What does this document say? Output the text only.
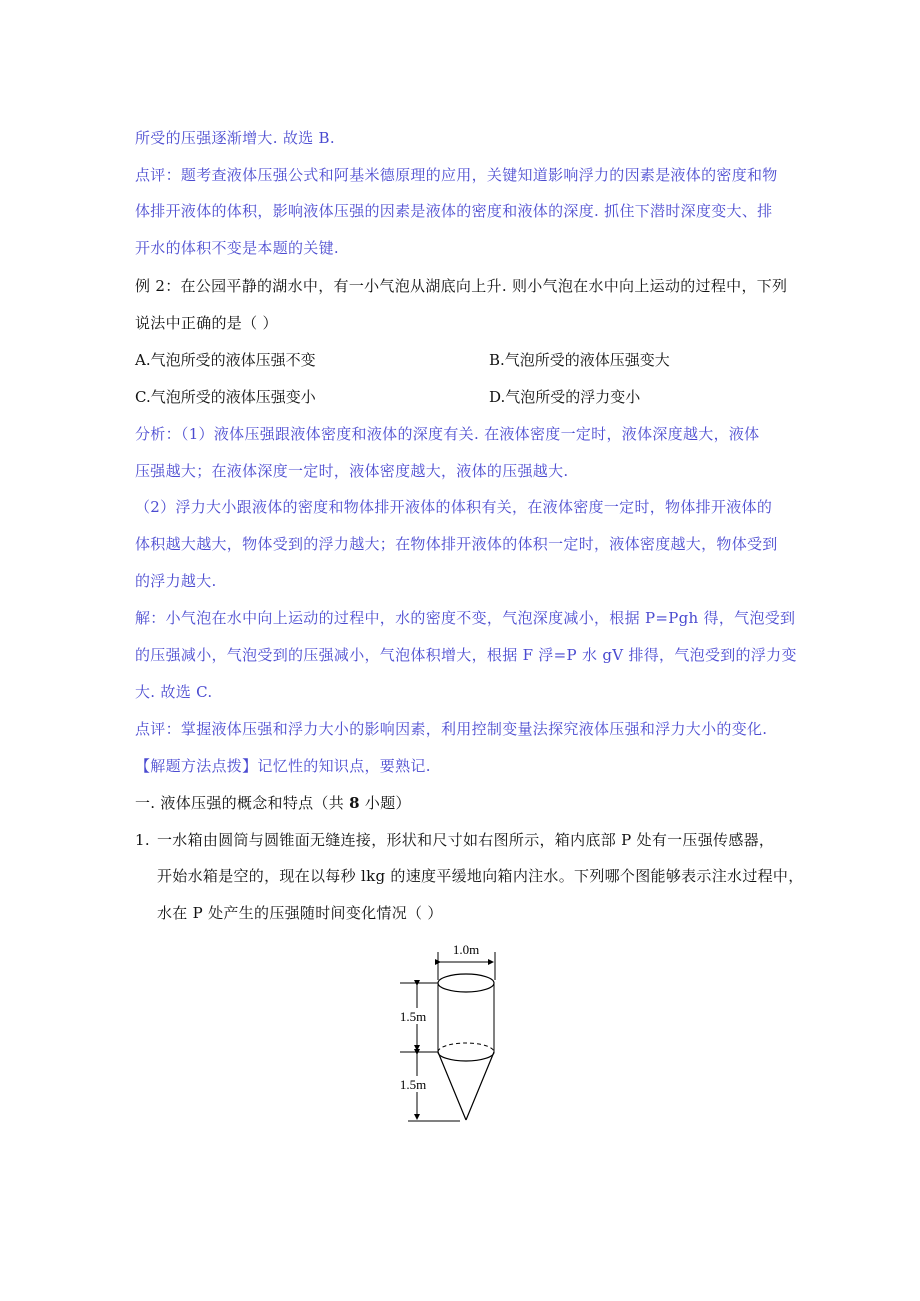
所受的压强逐渐增大. 故选 B.
点评：题考查液体压强公式和阿基米德原理的应用，关键知道影响浮力的因素是液体的密度和物
体排开液体的体积，影响液体压强的因素是液体的密度和液体的深度. 抓住下潜时深度变大、排
开水的体积不变是本题的关键.
例 2：在公园平静的湖水中，有一小气泡从湖底向上升. 则小气泡在水中向上运动的过程中，下列
说法中正确的是（ ）
A.气泡所受的液体压强不变	B.气泡所受的液体压强变大
C.气泡所受的液体压强变小	D.气泡所受的浮力变小
分析：（1）液体压强跟液体密度和液体的深度有关. 在液体密度一定时，液体深度越大，液体
压强越大；在液体深度一定时，液体密度越大，液体的压强越大.
（2）浮力大小跟液体的密度和物体排开液体的体积有关，在液体密度一定时，物体排开液体的
体积越大越大，物体受到的浮力越大；在物体排开液体的体积一定时，液体密度越大，物体受到
的浮力越大.
解：小气泡在水中向上运动的过程中，水的密度不变，气泡深度减小，根据 P=Pgh 得，气泡受到
的压强减小，气泡受到的压强减小，气泡体积增大，根据 F 浮=P 水 gV 排得，气泡受到的浮力变
大. 故选 C.
点评：掌握液体压强和浮力大小的影响因素，利用控制变量法探究液体压强和浮力大小的变化.
【解题方法点拨】记忆性的知识点，要熟记.
一. 液体压强的概念和特点（共 8 小题）
1. 一水箱由圆筒与圆锥面无缝连接，形状和尺寸如右图所示，箱内底部 P 处有一压强传感器，
开始水箱是空的，现在以每秒 lkg 的速度平缓地向箱内注水。下列哪个图能够表示注水过程中，
水在 P 处产生的压强随时间变化情况（ ）
1.0m
1.5m
1.5m
